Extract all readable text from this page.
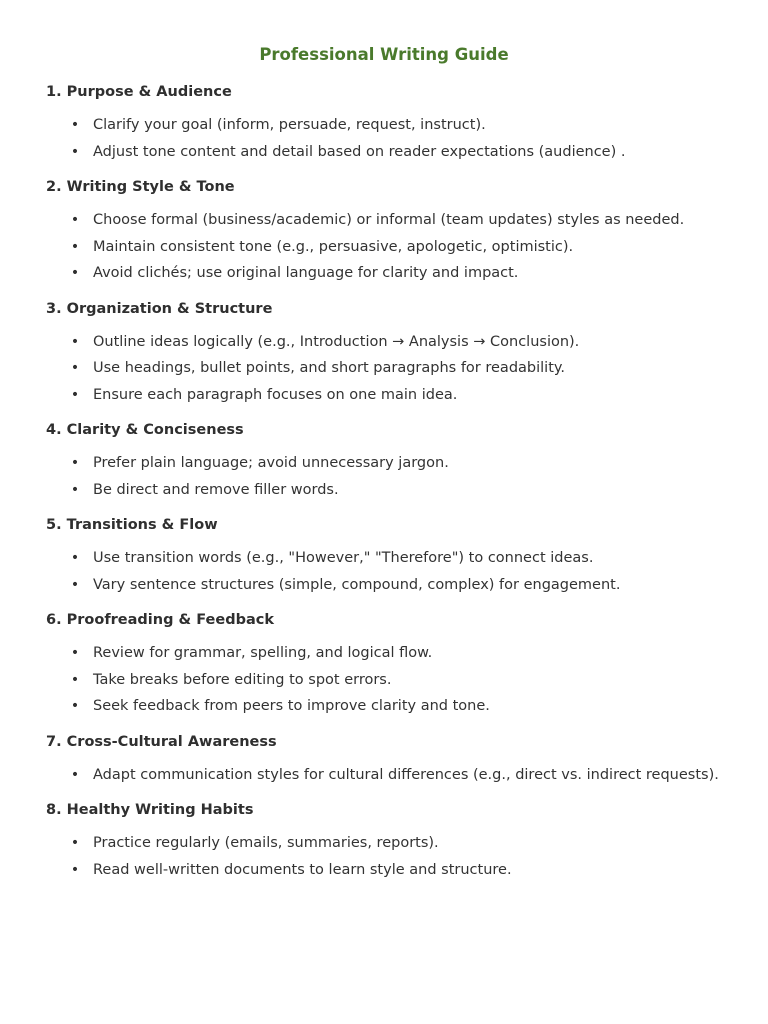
Professional Writing Guide
1. Purpose & Audience
• Clarify your goal (inform, persuade, request, instruct).
• Adjust tone content and detail based on reader expectations (audience) .
2. Writing Style & Tone
• Choose formal (business/academic) or informal (team updates) styles as needed.
• Maintain consistent tone (e.g., persuasive, apologetic, optimistic).
• Avoid clichés; use original language for clarity and impact.
3. Organization & Structure
• Outline ideas logically (e.g., Introduction → Analysis → Conclusion).
• Use headings, bullet points, and short paragraphs for readability.
• Ensure each paragraph focuses on one main idea.
4. Clarity & Conciseness
• Prefer plain language; avoid unnecessary jargon.
• Be direct and remove filler words.
5. Transitions & Flow
• Use transition words (e.g., "However," "Therefore") to connect ideas.
• Vary sentence structures (simple, compound, complex) for engagement.
6. Proofreading & Feedback
• Review for grammar, spelling, and logical flow.
• Take breaks before editing to spot errors.
• Seek feedback from peers to improve clarity and tone.
7. Cross-Cultural Awareness
• Adapt communication styles for cultural differences (e.g., direct vs. indirect requests).
8. Healthy Writing Habits
• Practice regularly (emails, summaries, reports).
• Read well-written documents to learn style and structure.
